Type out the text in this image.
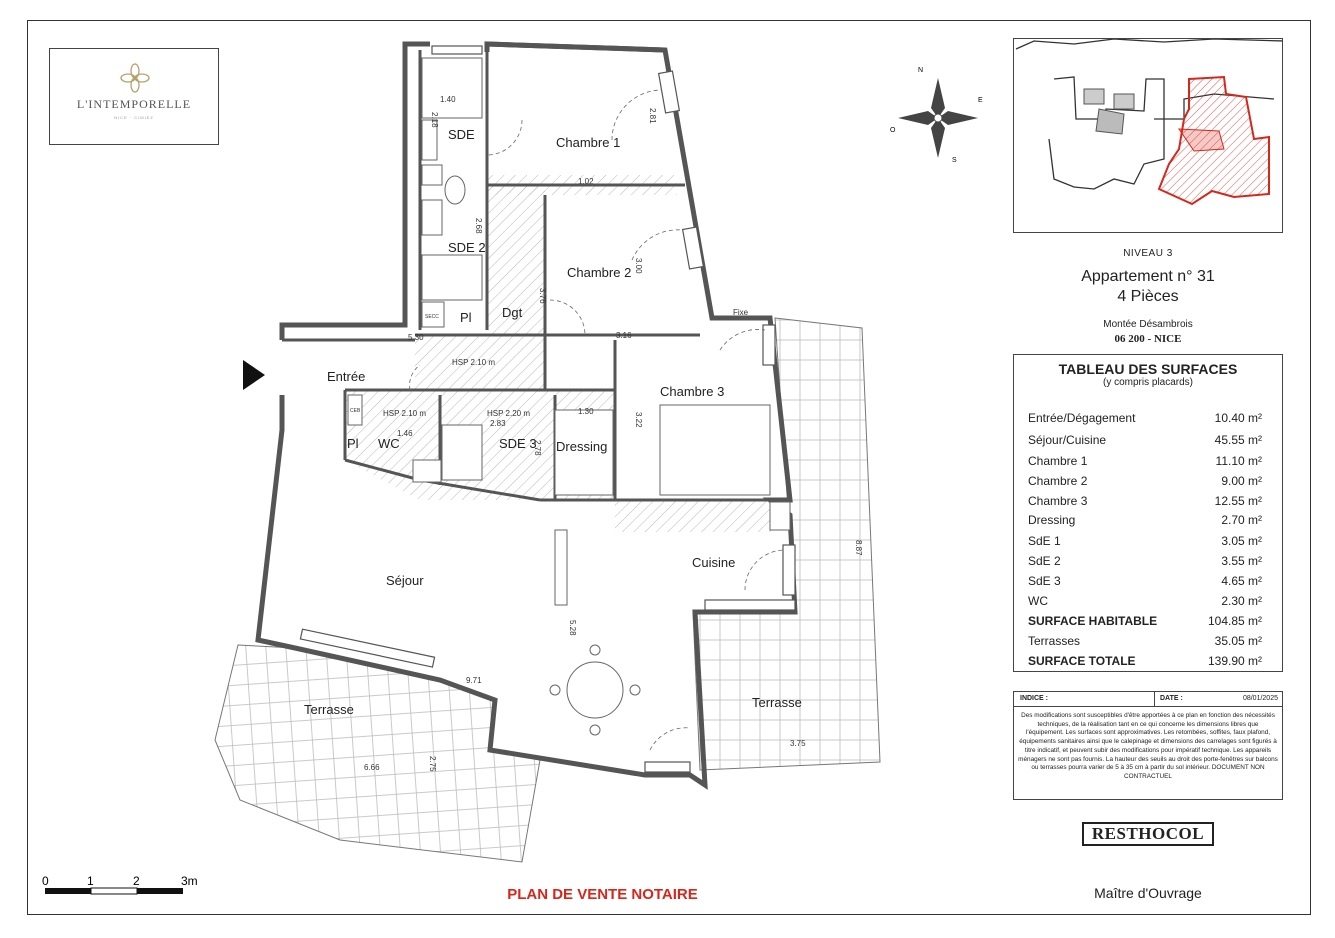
L'INTEMPORELLE
NICE · CIMIEZ
SDE
Chambre 1
SDE 2
Chambre 2
Pl Dgt
Entrée
Chambre 3
Pl WC	SDE 3 Dressing
Séjour
Cuisine
Terrasse	Terrasse
1.40
2.18	2.81
1.02
2.68
3.00
3.76
5.30	3.16
HSP 2.10 m
HSP 2.10 m	HSP 2.20 m
1.46
2.83
1.30
2.78
3.22
8.87
5.28
9.71
6.66	2.75
3.75
SECC
CEB
Fixe
N
S
E
O
0	1	2	3m
NIVEAU 3
Appartement n° 31
4 Pièces
Montée Désambrois
06 200 - NICE
TABLEAU DES SURFACES
(y compris placards)
Entrée/Dégagement	10.40 m²
Séjour/Cuisine	45.55 m²
Chambre 1	11.10 m²
Chambre 2	9.00 m²
Chambre 3	12.55 m²
Dressing	2.70 m²
SdE 1	3.05 m²
SdE 2	3.55 m²
SdE 3	4.65 m²
WC	2.30 m²
SURFACE HABITABLE	104.85 m²
Terrasses	35.05 m²
SURFACE TOTALE	139.90 m²
INDICE :	DATE :	08/01/2025
Des modifications sont susceptibles d'être apportées à ce plan en fonction des nécessités techniques, de la réalisation tant en ce qui concerne les dimensions libres que l'équipement. Les surfaces sont approximatives. Les retombées, soffites, faux plafond, équipements sanitaires ainsi que le calepinage et dimensions des carrelages sont figurés à titre indicatif, et peuvent subir des modifications pour impératif technique. Les appareils ménagers ne sont pas fournis. La hauteur des seuils au droit des porte-fenêtres sur balcons ou terrasses pourra varier de 5 à 35 cm à partir du sol intérieur. DOCUMENT NON CONTRACTUEL
RESTHOCOL
Maître d'Ouvrage
PLAN DE VENTE NOTAIRE
